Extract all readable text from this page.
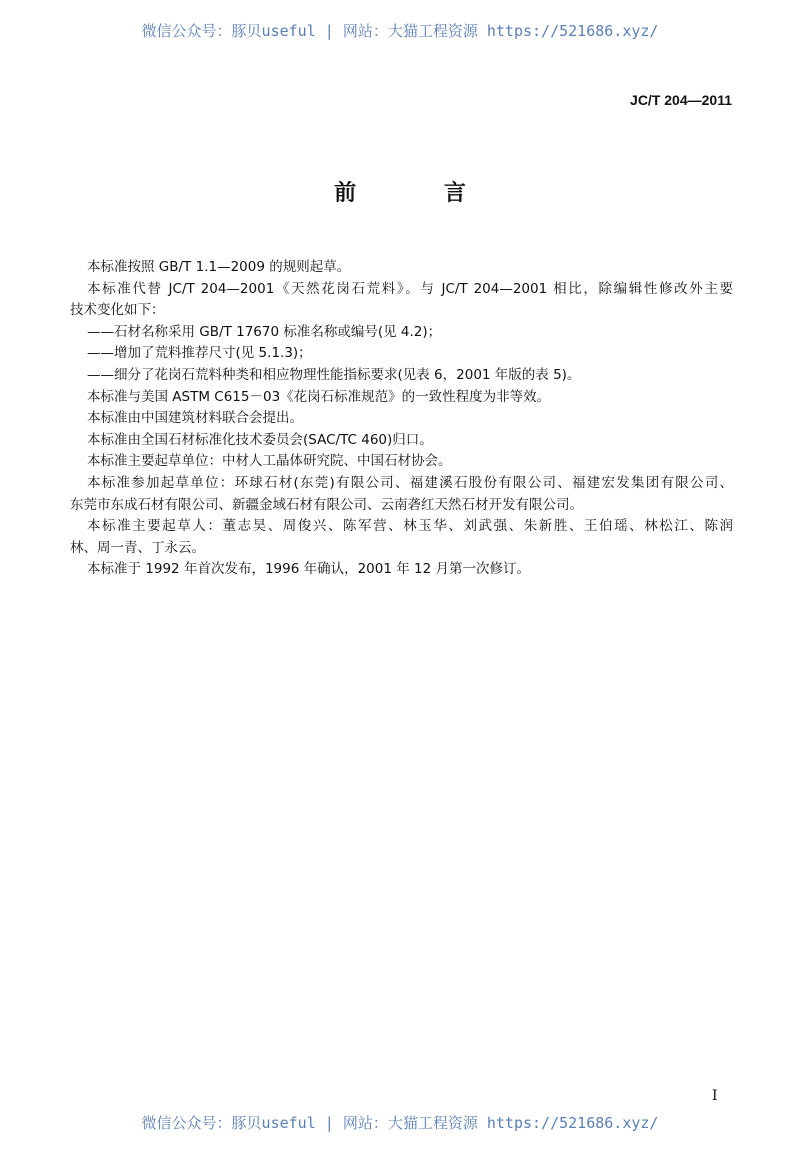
微信公众号：豚贝useful | 网站：大猫工程资源 https://521686.xyz/
JC/T 204—2011
前 言
本标准按照 GB/T 1.1—2009 的规则起草。
本标准代替 JC/T 204—2001《天然花岗石荒料》。与 JC/T 204—2001 相比，除编辑性修改外主要
技术变化如下：
——石材名称采用 GB/T 17670 标准名称或编号(见 4.2)；
——增加了荒料推荐尺寸(见 5.1.3)；
——细分了花岗石荒料种类和相应物理性能指标要求(见表 6，2001 年版的表 5)。
本标准与美国 ASTM C615－03《花岗石标准规范》的一致性程度为非等效。
本标准由中国建筑材料联合会提出。
本标准由全国石材标准化技术委员会(SAC/TC 460)归口。
本标准主要起草单位：中材人工晶体研究院、中国石材协会。
本标准参加起草单位：环球石材(东莞)有限公司、福建溪石股份有限公司、福建宏发集团有限公司、
东莞市东成石材有限公司、新疆金域石材有限公司、云南砻红天然石材开发有限公司。
本标准主要起草人：董志昊、周俊兴、陈军营、林玉华、刘武强、朱新胜、王伯瑶、林松江、陈润
林、周一青、丁永云。
本标准于 1992 年首次发布，1996 年确认，2001 年 12 月第一次修订。
I
微信公众号：豚贝useful | 网站：大猫工程资源 https://521686.xyz/
